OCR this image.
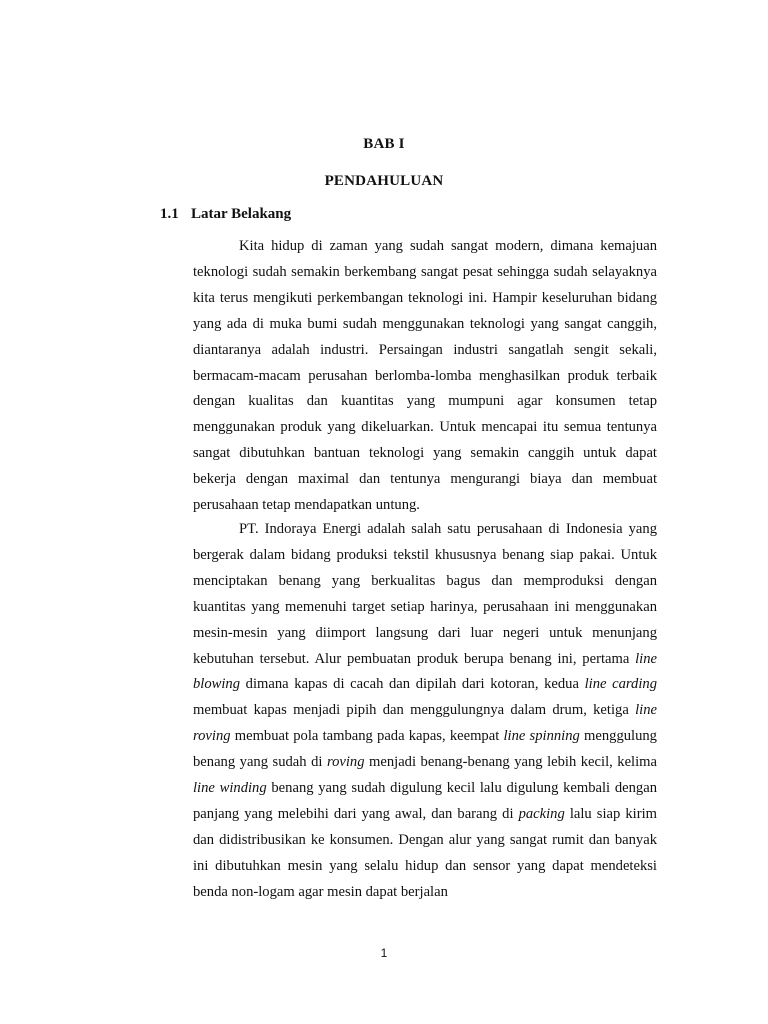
BAB I
PENDAHULUAN
1.1 Latar Belakang

Kita hidup di zaman yang sudah sangat modern, dimana kemajuan teknologi sudah semakin berkembang sangat pesat sehingga sudah selayaknya kita terus mengikuti perkembangan teknologi ini. Hampir keseluruhan bidang yang ada di muka bumi sudah menggunakan teknologi yang sangat canggih, diantaranya adalah industri. Persaingan industri sangatlah sengit sekali, bermacam-macam perusahan berlomba-lomba menghasilkan produk terbaik dengan kualitas dan kuantitas yang mumpuni agar konsumen tetap menggunakan produk yang dikeluarkan. Untuk mencapai itu semua tentunya sangat dibutuhkan bantuan teknologi yang semakin canggih untuk dapat bekerja dengan maximal dan tentunya mengurangi biaya dan membuat perusahaan tetap mendapatkan untung.

PT. Indoraya Energi adalah salah satu perusahaan di Indonesia yang bergerak dalam bidang produksi tekstil khususnya benang siap pakai. Untuk menciptakan benang yang berkualitas bagus dan memproduksi dengan kuantitas yang memenuhi target setiap harinya, perusahaan ini menggunakan mesin-mesin yang diimport langsung dari luar negeri untuk menunjang kebutuhan tersebut. Alur pembuatan produk berupa benang ini, pertama line blowing dimana kapas di cacah dan dipilah dari kotoran, kedua line carding membuat kapas menjadi pipih dan menggulungnya dalam drum, ketiga line roving membuat pola tambang pada kapas, keempat line spinning menggulung benang yang sudah di roving menjadi benang-benang yang lebih kecil, kelima line winding benang yang sudah digulung kecil lalu digulung kembali dengan panjang yang melebihi dari yang awal, dan barang di packing lalu siap kirim dan didistribusikan ke konsumen. Dengan alur yang sangat rumit dan banyak ini dibutuhkan mesin yang selalu hidup dan sensor yang dapat mendeteksi benda non-logam agar mesin dapat berjalan

1
